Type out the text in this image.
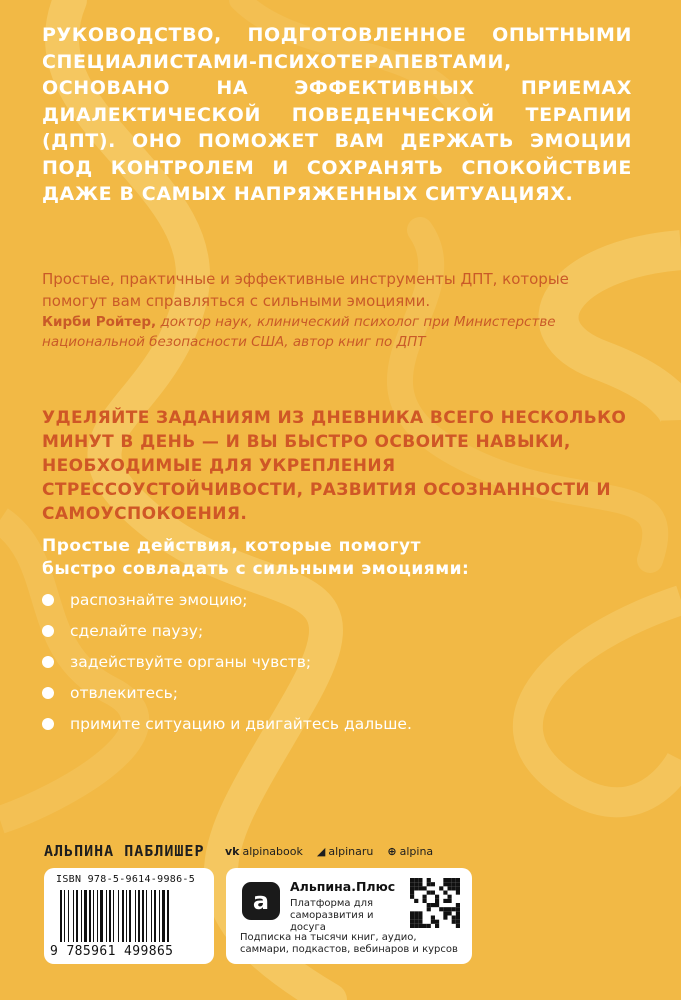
РУКОВОДСТВО, ПОДГОТОВЛЕННОЕ ОПЫТНЫМИ СПЕЦИАЛИСТАМИ-ПСИХОТЕРАПЕВТАМИ, ОСНОВАНО НА ЭФФЕКТИВНЫХ ПРИЕМАХ ДИАЛЕКТИЧЕСКОЙ ПОВЕДЕНЧЕСКОЙ ТЕРАПИИ (ДПТ). ОНО ПОМОЖЕТ ВАМ ДЕРЖАТЬ ЭМОЦИИ ПОД КОНТРОЛЕМ И СОХРАНЯТЬ СПОКОЙСТВИЕ ДАЖЕ В САМЫХ НАПРЯЖЕННЫХ СИТУАЦИЯХ.

Простые, практичные и эффективные инструменты ДПТ, которые помогут вам справляться с сильными эмоциями.

Кирби Ройтер, доктор наук, клинический психолог при Министерстве национальной безопасности США, автор книг по ДПТ

УДЕЛЯЙТЕ ЗАДАНИЯМ ИЗ ДНЕВНИКА ВСЕГО НЕСКОЛЬКО МИНУТ В ДЕНЬ — И ВЫ БЫСТРО ОСВОИТЕ НАВЫКИ, НЕОБХОДИМЫЕ ДЛЯ УКРЕПЛЕНИЯ СТРЕССОУСТОЙЧИВОСТИ, РАЗВИТИЯ ОСОЗНАННОСТИ И САМОУСПОКОЕНИЯ.

Простые действия, которые помогут
быстро совладать с сильными эмоциями:

распознайте эмоцию;
сделайте паузу;
задействуйте органы чувств;
отвлекитесь;
примите ситуацию и двигайтесь дальше.
АЛЬПИНА ПАБЛИШЕР vk alpinabook ◢ alpinaru ⊕ alpina
ISBN 978-5-9614-9986-5
9 785961 499865
a
Альпина.Плюс
Платформа для саморазвития и досуга
Подписка на тысячи книг, аудио, саммари, подкастов, вебинаров и курсов
